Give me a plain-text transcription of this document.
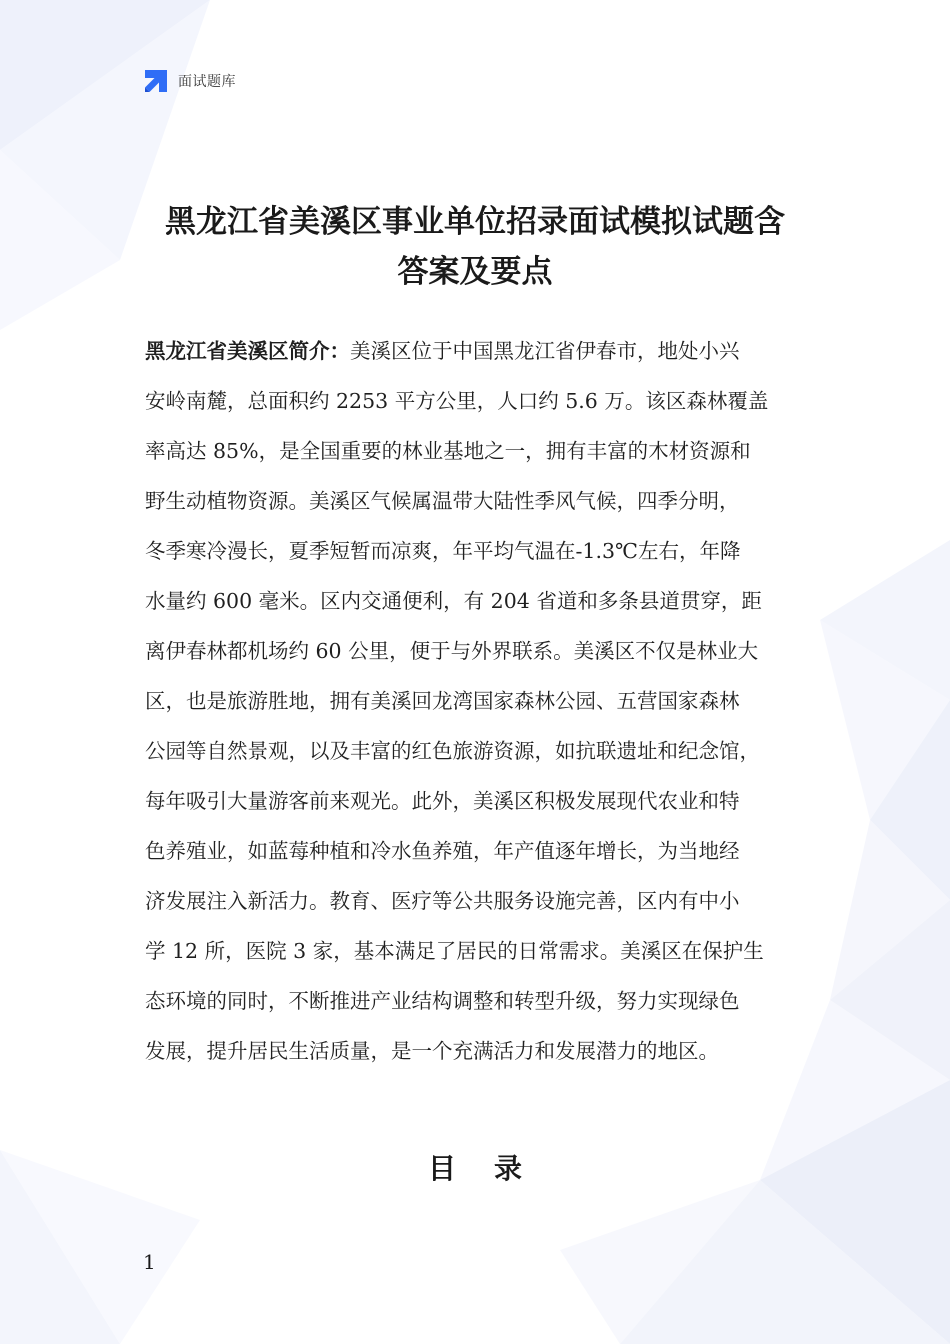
面试题库
黑龙江省美溪区事业单位招录面试模拟试题含
答案及要点

黑龙江省美溪区简介：美溪区位于中国黑龙江省伊春市，地处小兴
安岭南麓，总面积约 2253 平方公里，人口约 5.6 万。该区森林覆盖
率高达 85%，是全国重要的林业基地之一，拥有丰富的木材资源和
野生动植物资源。美溪区气候属温带大陆性季风气候，四季分明，
冬季寒冷漫长，夏季短暂而凉爽，年平均气温在-1.3℃左右，年降
水量约 600 毫米。区内交通便利，有 204 省道和多条县道贯穿，距
离伊春林都机场约 60 公里，便于与外界联系。美溪区不仅是林业大
区，也是旅游胜地，拥有美溪回龙湾国家森林公园、五营国家森林
公园等自然景观，以及丰富的红色旅游资源，如抗联遗址和纪念馆，
每年吸引大量游客前来观光。此外，美溪区积极发展现代农业和特
色养殖业，如蓝莓种植和冷水鱼养殖，年产值逐年增长，为当地经
济发展注入新活力。教育、医疗等公共服务设施完善，区内有中小
学 12 所，医院 3 家，基本满足了居民的日常需求。美溪区在保护生
态环境的同时，不断推进产业结构调整和转型升级，努力实现绿色
发展，提升居民生活质量，是一个充满活力和发展潜力的地区。

目录
1
